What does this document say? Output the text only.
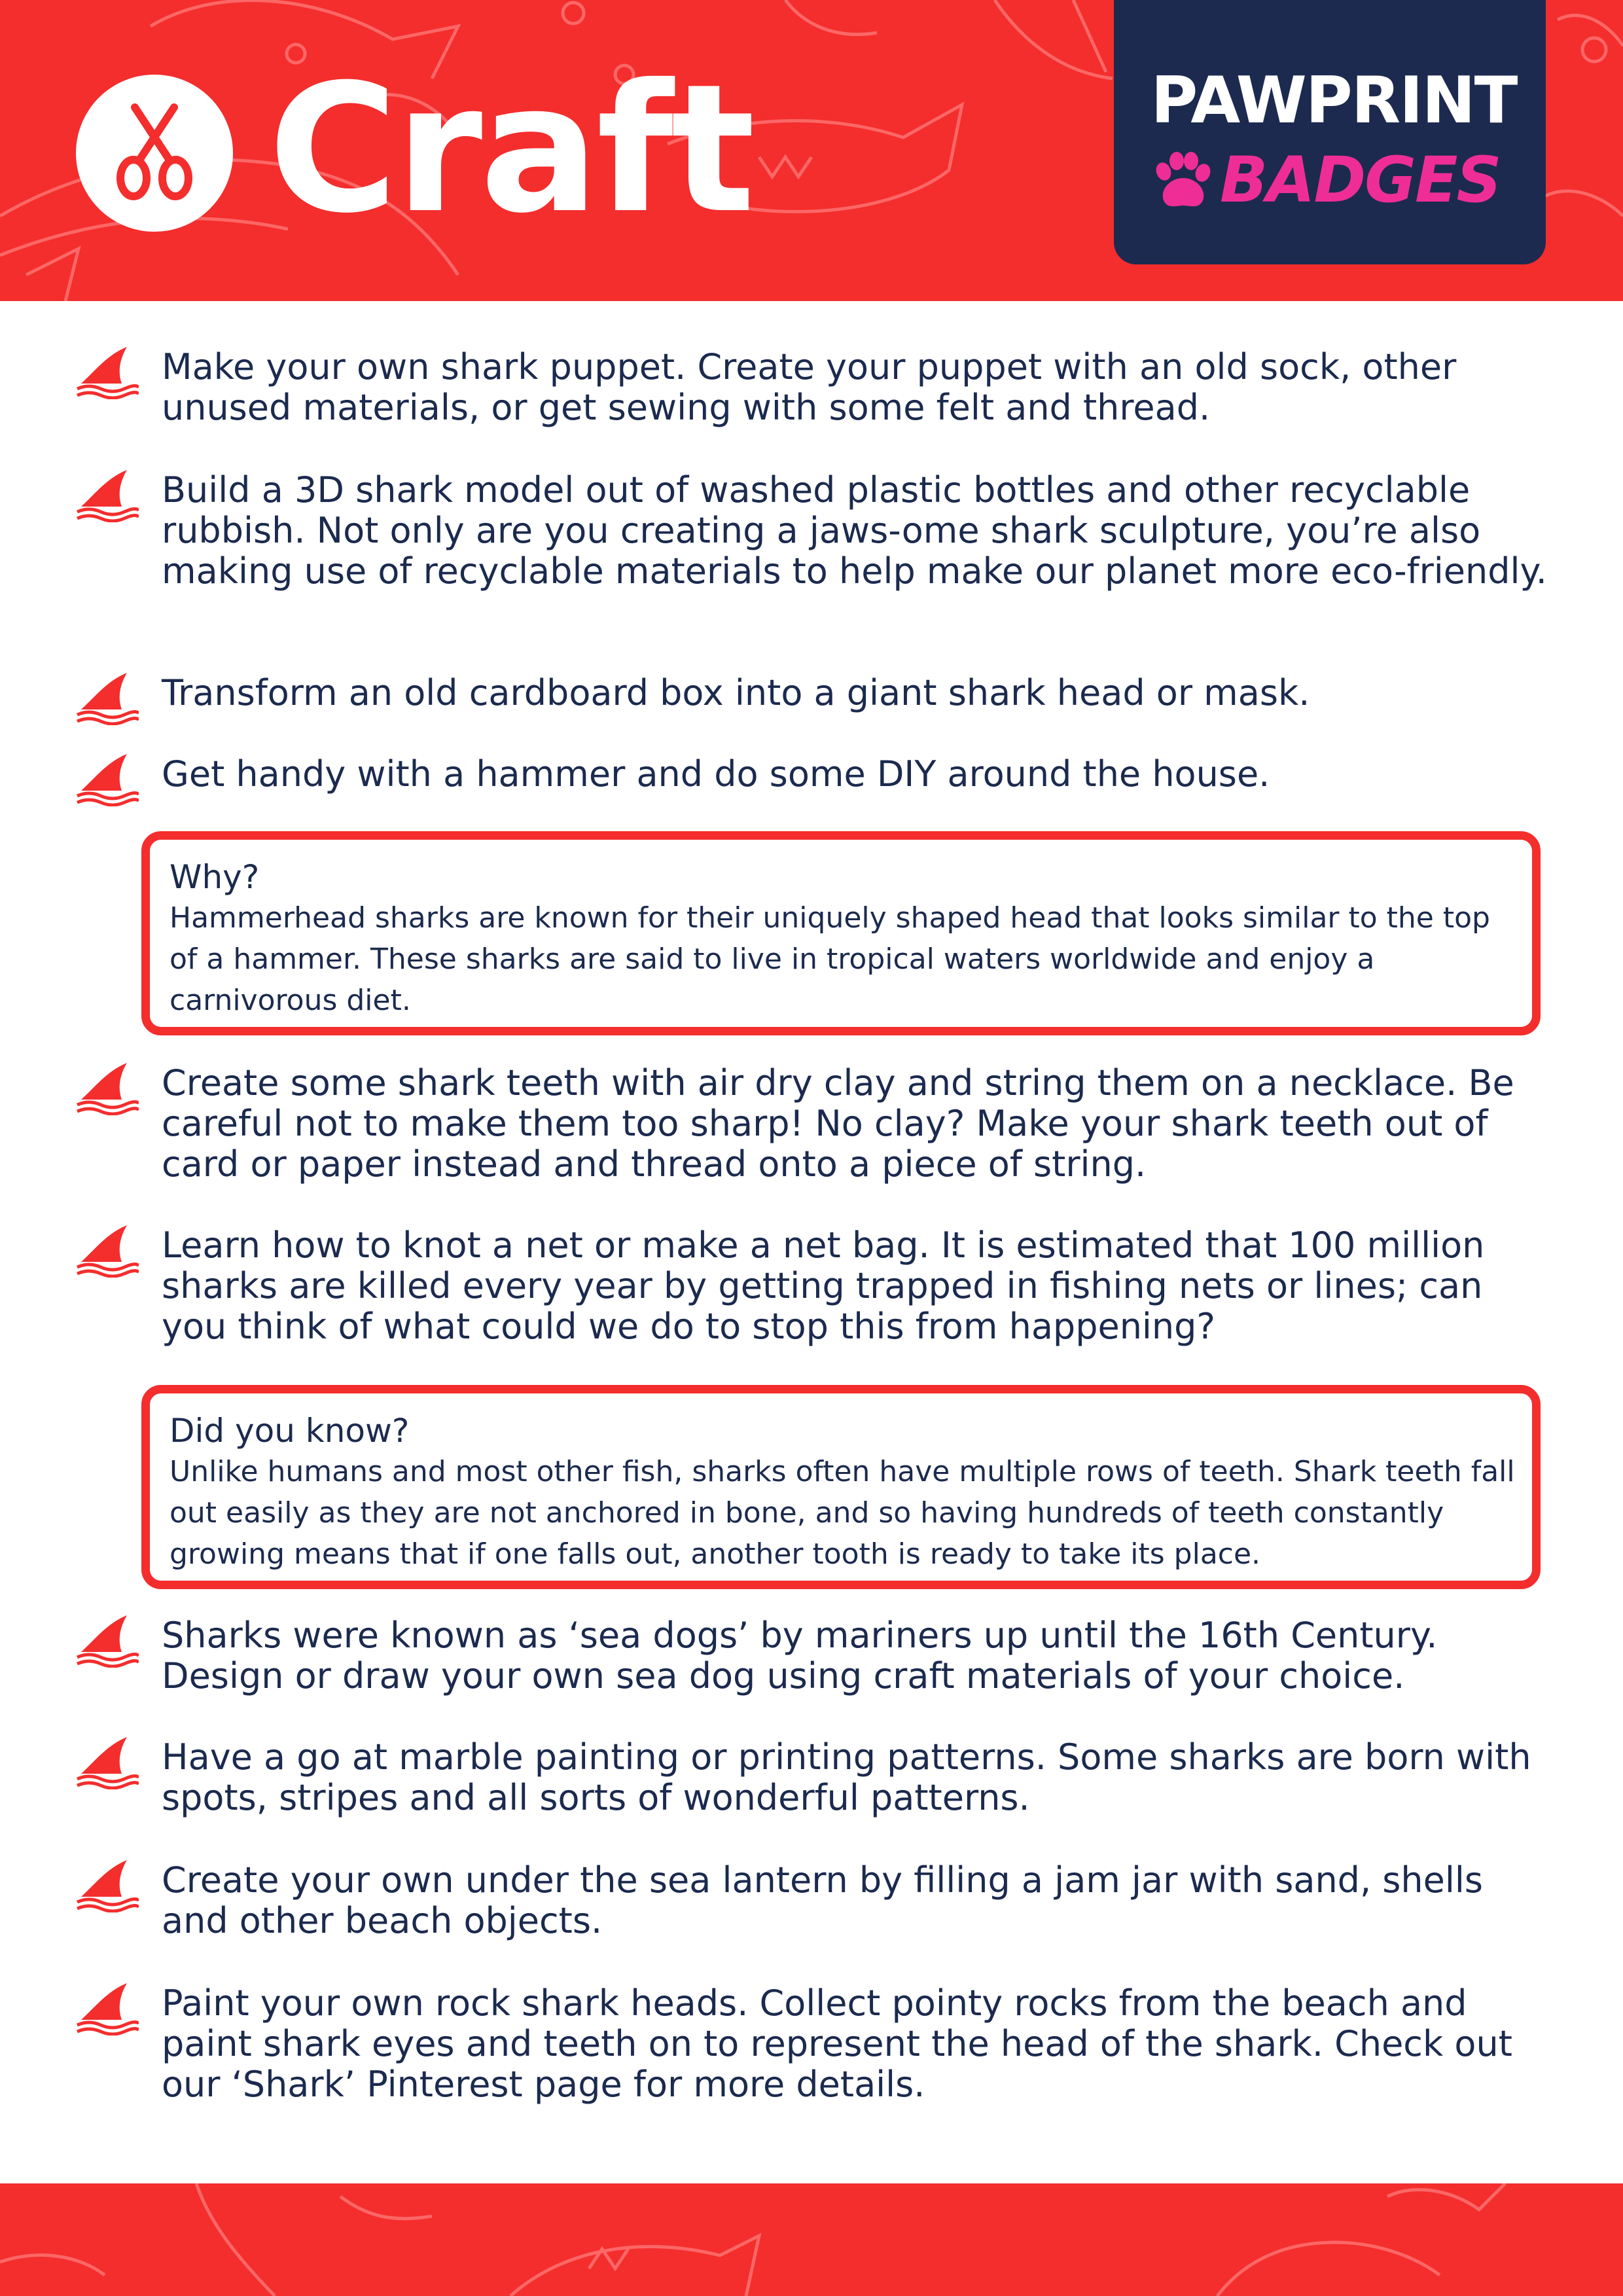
Craft	PAWPRINT
BADGES
Make your own shark puppet. Create your puppet with an old sock, other unused materials, or get sewing with some felt and thread.
Build a 3D shark model out of washed plastic bottles and other recyclable rubbish. Not only are you creating a jaws-ome shark sculpture, you’re also making use of recyclable materials to help make our planet more eco-friendly.
Transform an old cardboard box into a giant shark head or mask.
Get handy with a hammer and do some DIY around the house.
Why?
Hammerhead sharks are known for their uniquely shaped head that looks similar to the top of a hammer. These sharks are said to live in tropical waters worldwide and enjoy a carnivorous diet.
Create some shark teeth with air dry clay and string them on a necklace. Be careful not to make them too sharp! No clay? Make your shark teeth out of card or paper instead and thread onto a piece of string.
Learn how to knot a net or make a net bag. It is estimated that 100 million sharks are killed every year by getting trapped in fishing nets or lines; can you think of what could we do to stop this from happening?
Did you know?
Unlike humans and most other fish, sharks often have multiple rows of teeth. Shark teeth fall out easily as they are not anchored in bone, and so having hundreds of teeth constantly growing means that if one falls out, another tooth is ready to take its place.
Sharks were known as ‘sea dogs’ by mariners up until the 16th Century. Design or draw your own sea dog using craft materials of your choice.
Have a go at marble painting or printing patterns. Some sharks are born with spots, stripes and all sorts of wonderful patterns.
Create your own under the sea lantern by filling a jam jar with sand, shells and other beach objects.
Paint your own rock shark heads. Collect pointy rocks from the beach and paint shark eyes and teeth on to represent the head of the shark. Check out our ‘Shark’ Pinterest page for more details.
